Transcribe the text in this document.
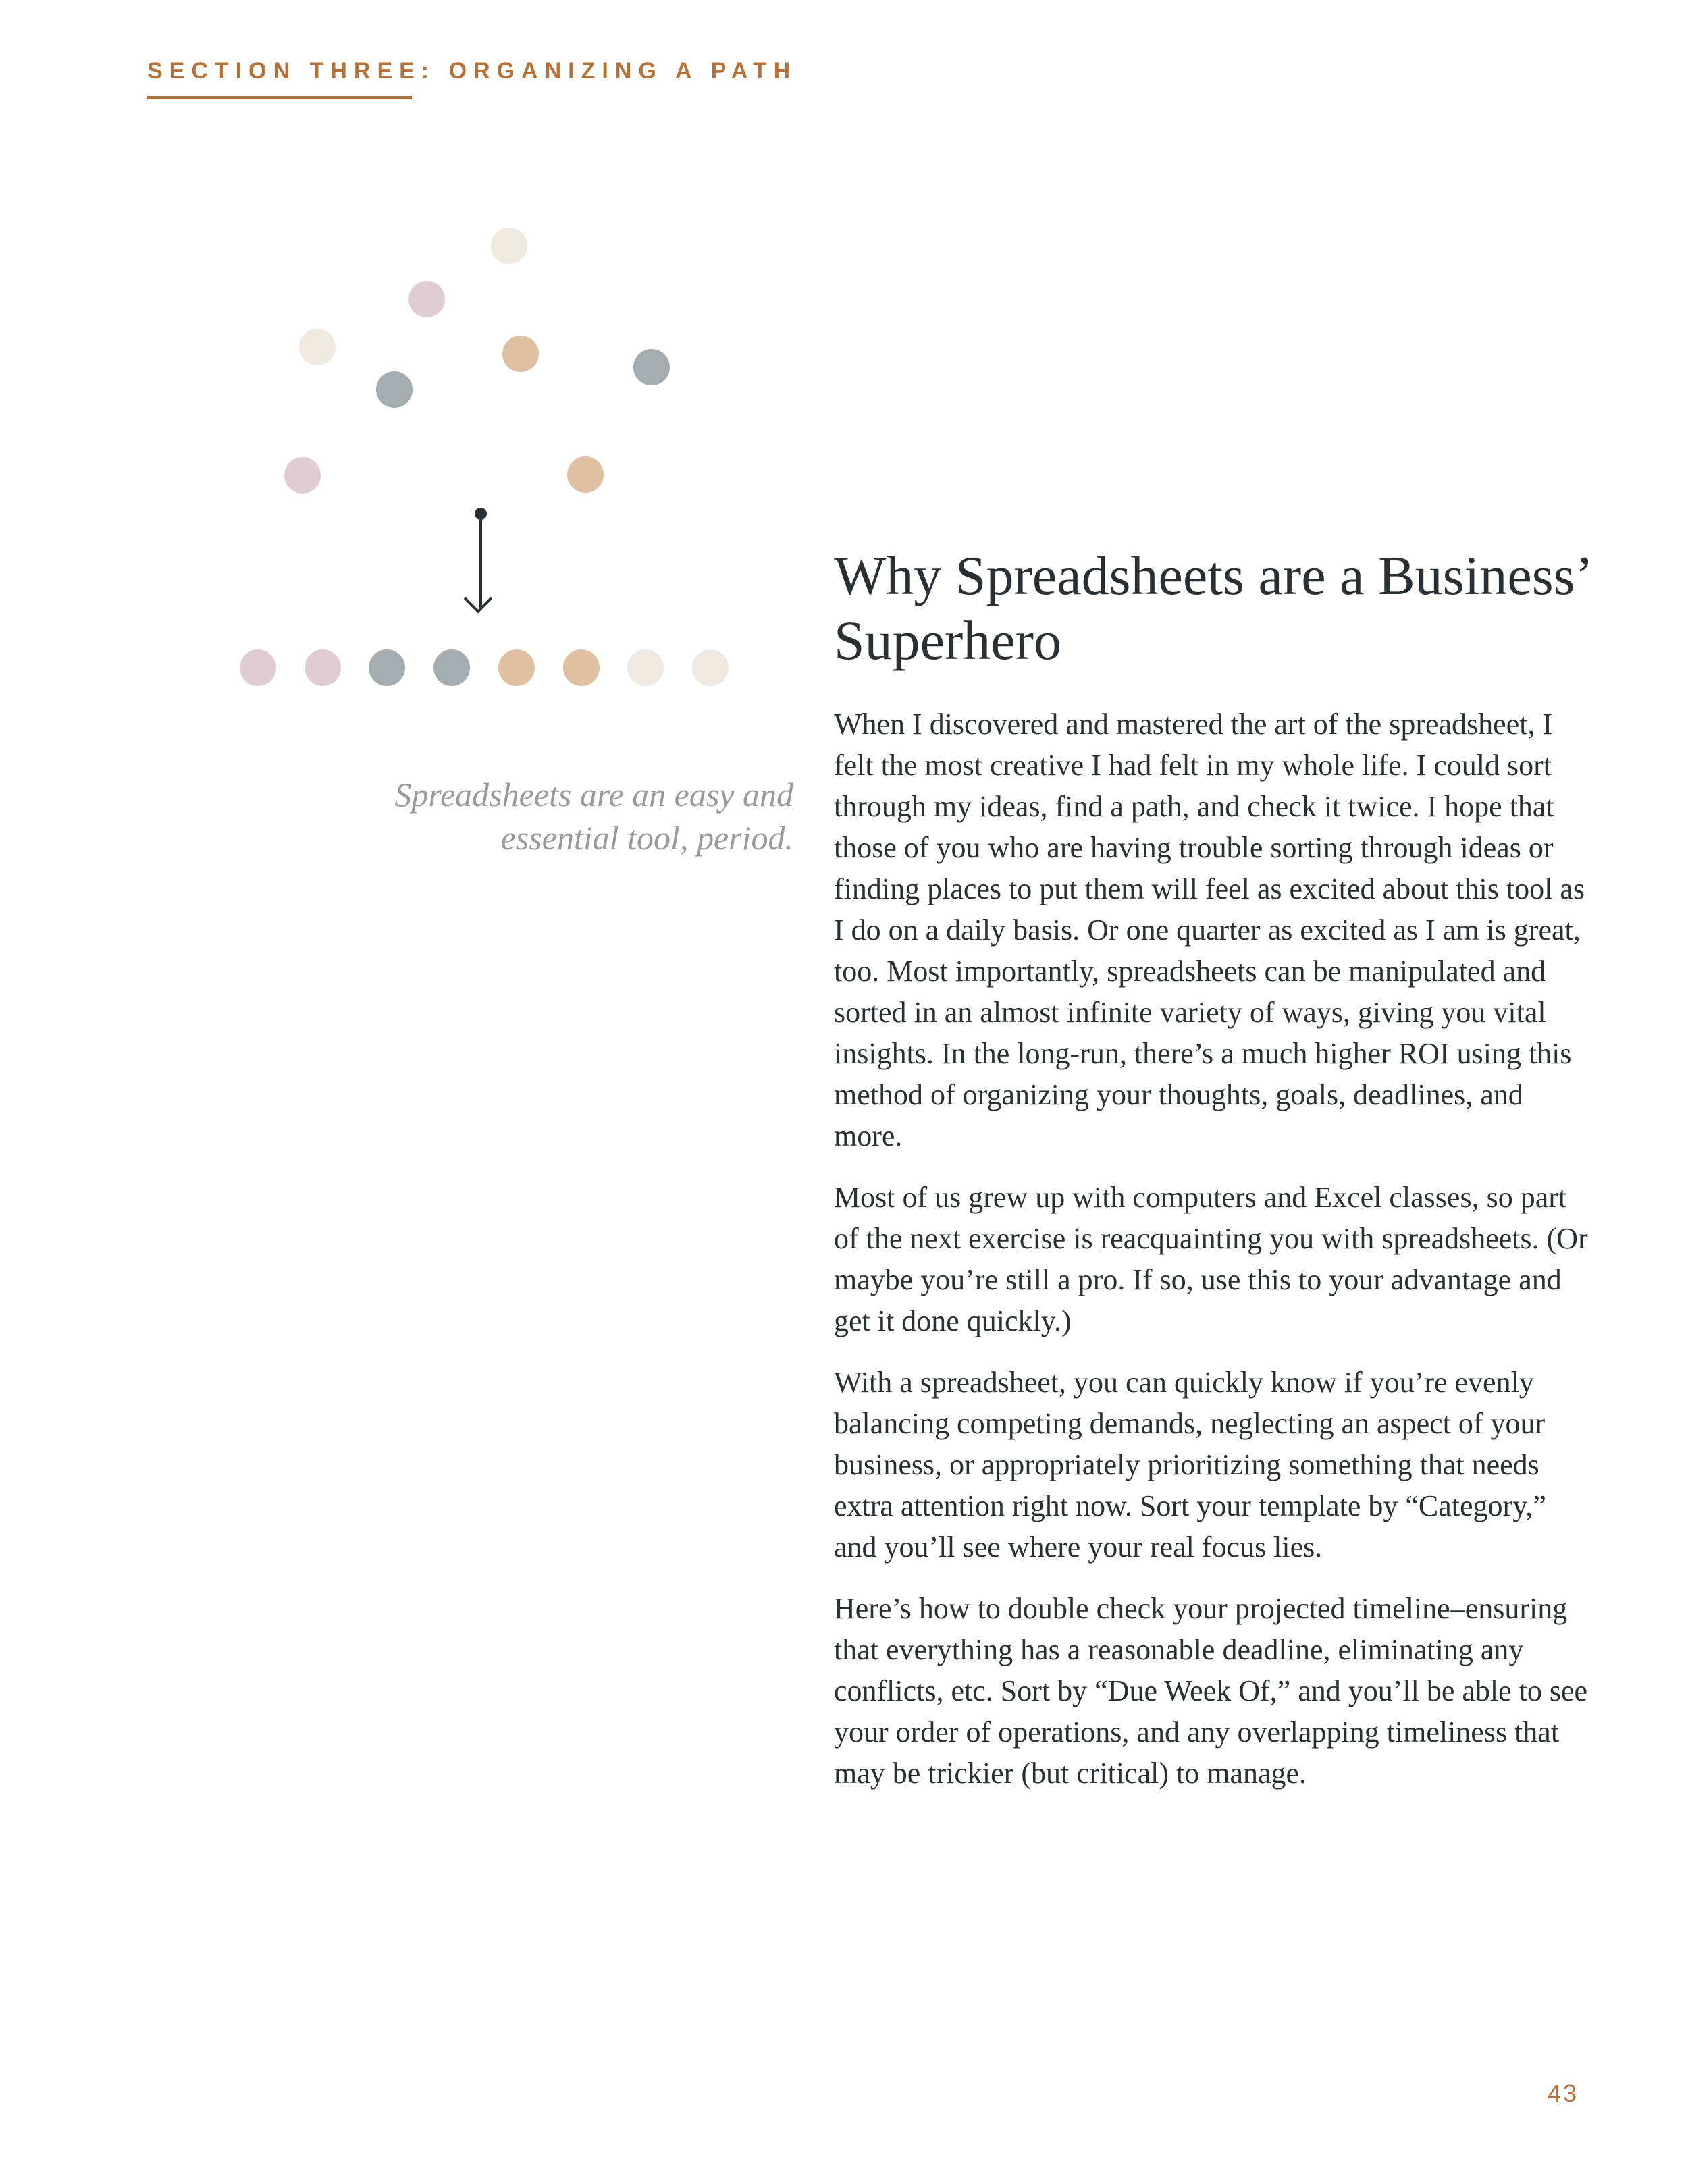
SECTION THREE: ORGANIZING A PATH
Spreadsheets are an easy and essential tool, period.
Why Spreadsheets are a Business’ Superhero

When I discovered and mastered the art of the spreadsheet, I felt the most creative I had felt in my whole life. I could sort through my ideas, find a path, and check it twice. I hope that those of you who are having trouble sorting through ideas or finding places to put them will feel as excited about this tool as I do on a daily basis. Or one quarter as excited as I am is great, too. Most importantly, spreadsheets can be manipulated and sorted in an almost infinite variety of ways, giving you vital insights. In the long-run, there’s a much higher ROI using this method of organizing your thoughts, goals, deadlines, and more.

Most of us grew up with computers and Excel classes, so part of the next exercise is reacquainting you with spreadsheets. (Or maybe you’re still a pro. If so, use this to your advantage and get it done quickly.)

With a spreadsheet, you can quickly know if you’re evenly balancing competing demands, neglecting an aspect of your business, or appropriately prioritizing something that needs extra attention right now. Sort your template by “Category,” and you’ll see where your real focus lies.

Here’s how to double check your projected timeline–ensuring that everything has a reasonable deadline, eliminating any conflicts, etc. Sort by “Due Week Of,” and you’ll be able to see your order of operations, and any overlapping timeliness that may be trickier (but critical) to manage.

43
